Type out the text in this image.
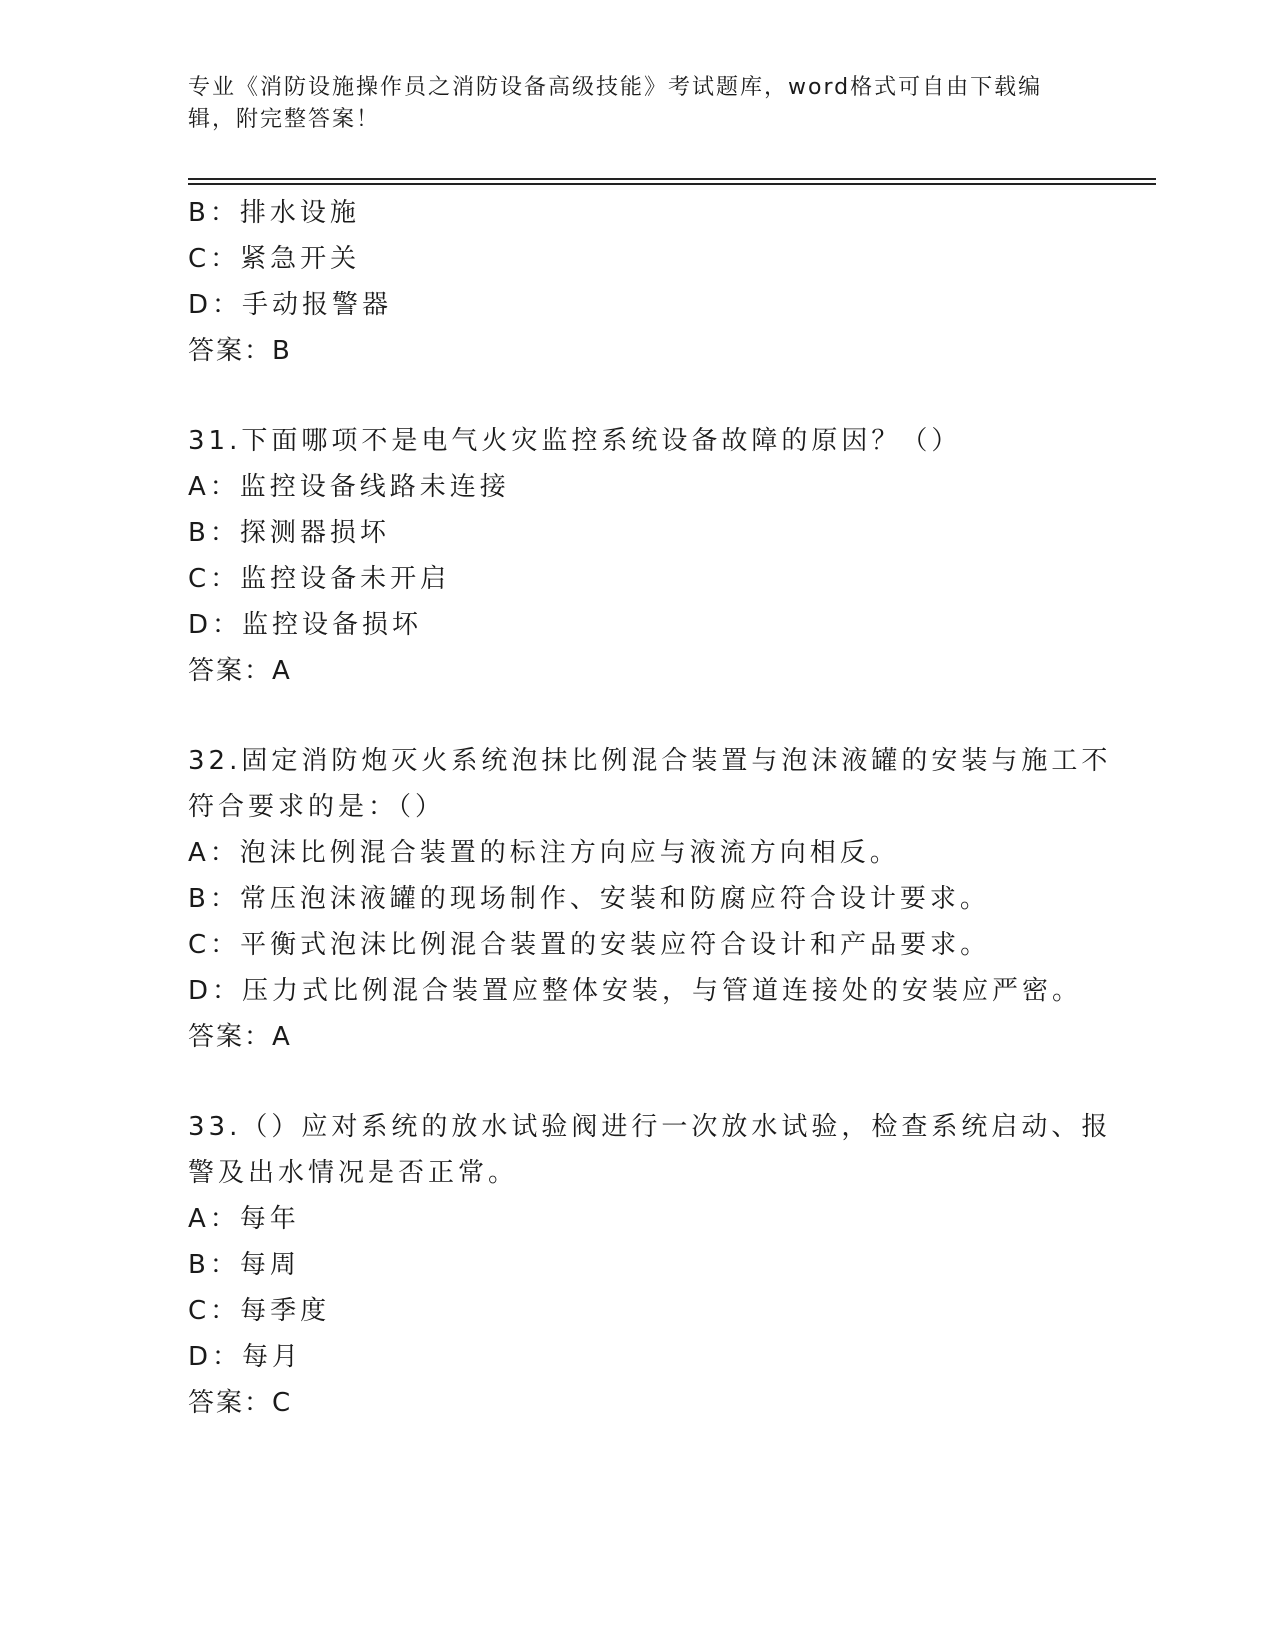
专业《消防设施操作员之消防设备高级技能》考试题库，word格式可自由下载编辑，附完整答案！
B：排水设施
C：紧急开关
D：手动报警器
答案：B
31.下面哪项不是电气火灾监控系统设备故障的原因？（）
A：监控设备线路未连接
B：探测器损坏
C：监控设备未开启
D：监控设备损坏
答案：A
32.固定消防炮灭火系统泡抹比例混合装置与泡沫液罐的安装与施工不
符合要求的是：（）
A：泡沫比例混合装置的标注方向应与液流方向相反。
B：常压泡沫液罐的现场制作、安装和防腐应符合设计要求。
C：平衡式泡沫比例混合装置的安装应符合设计和产品要求。
D：压力式比例混合装置应整体安装，与管道连接处的安装应严密。
答案：A
33.（）应对系统的放水试验阀进行一次放水试验，检查系统启动、报
警及出水情况是否正常。
A：每年
B：每周
C：每季度
D：每月
答案：C
